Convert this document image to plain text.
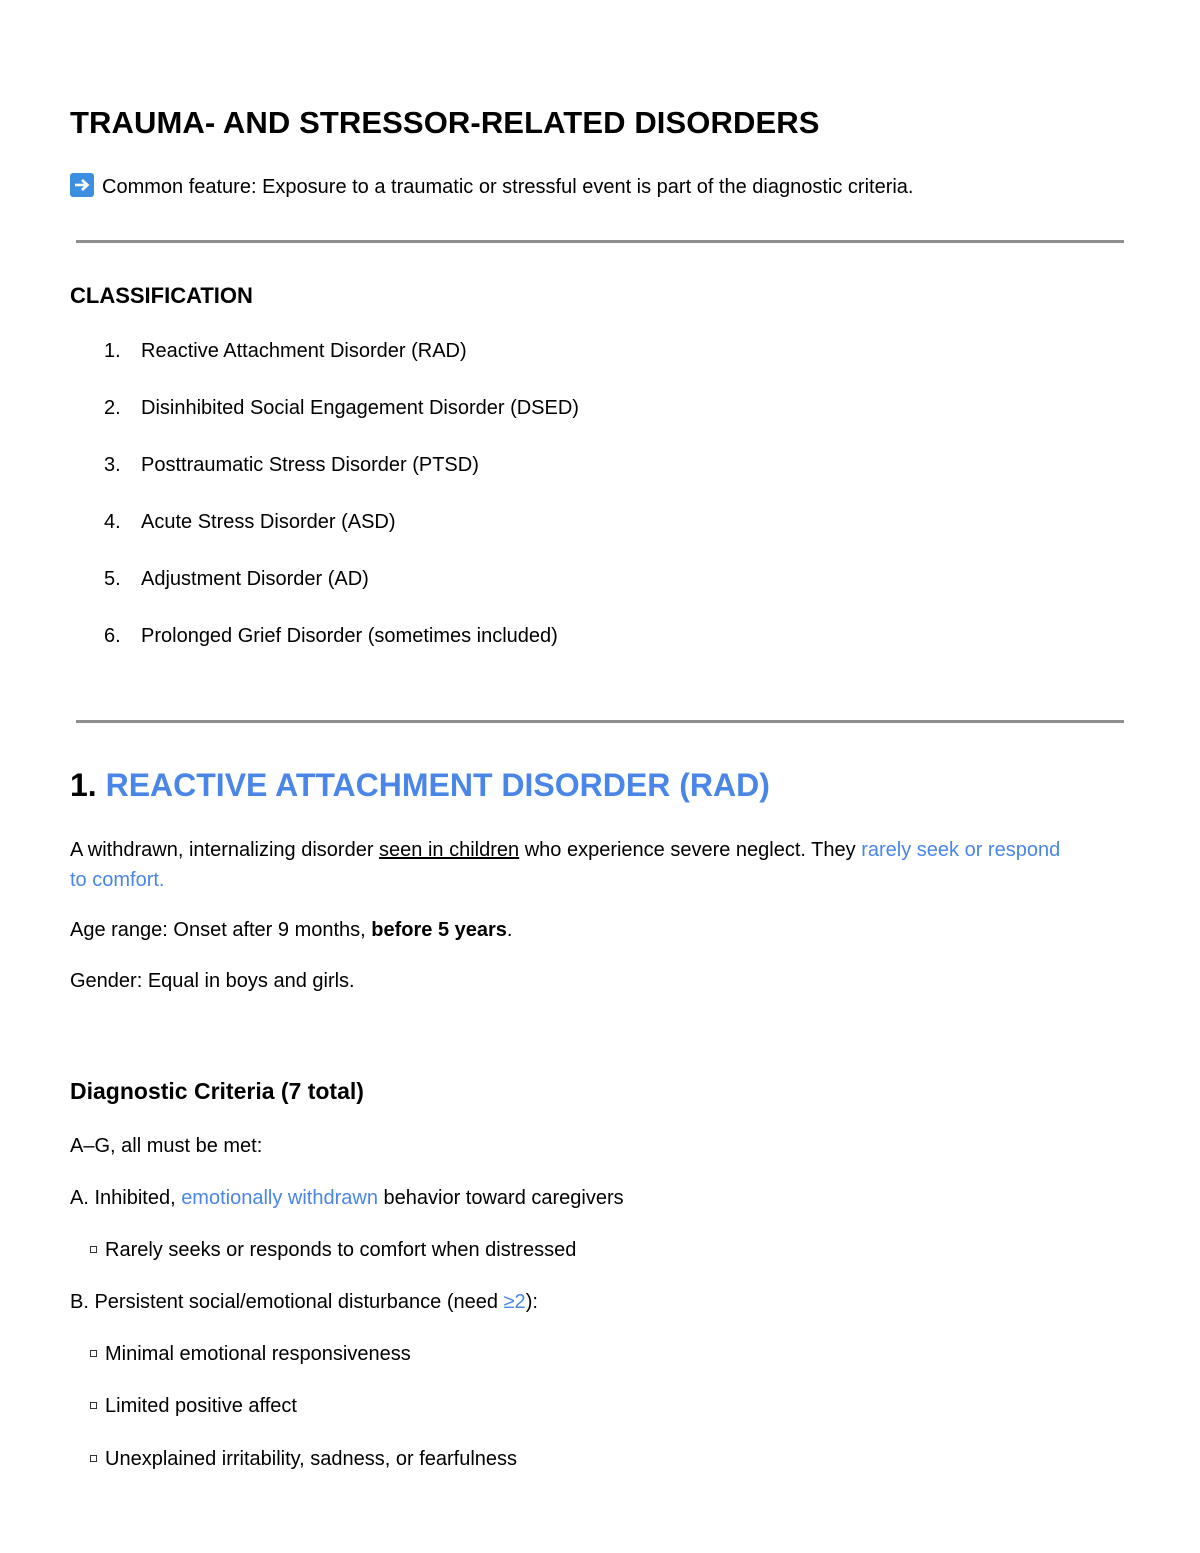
TRAUMA- AND STRESSOR-RELATED DISORDERS
Common feature: Exposure to a traumatic or stressful event is part of the diagnostic criteria.
CLASSIFICATION
1. Reactive Attachment Disorder (RAD)
2. Disinhibited Social Engagement Disorder (DSED)
3. Posttraumatic Stress Disorder (PTSD)
4. Acute Stress Disorder (ASD)
5. Adjustment Disorder (AD)
6. Prolonged Grief Disorder (sometimes included)
1. REACTIVE ATTACHMENT DISORDER (RAD)
A withdrawn, internalizing disorder seen in children who experience severe neglect. They rarely seek or respond to comfort.
Age range: Onset after 9 months, before 5 years.
Gender: Equal in boys and girls.
Diagnostic Criteria (7 total)
A–G, all must be met:
A. Inhibited, emotionally withdrawn behavior toward caregivers
Rarely seeks or responds to comfort when distressed
B. Persistent social/emotional disturbance (need ≥2):
Minimal emotional responsiveness
Limited positive affect
Unexplained irritability, sadness, or fearfulness
